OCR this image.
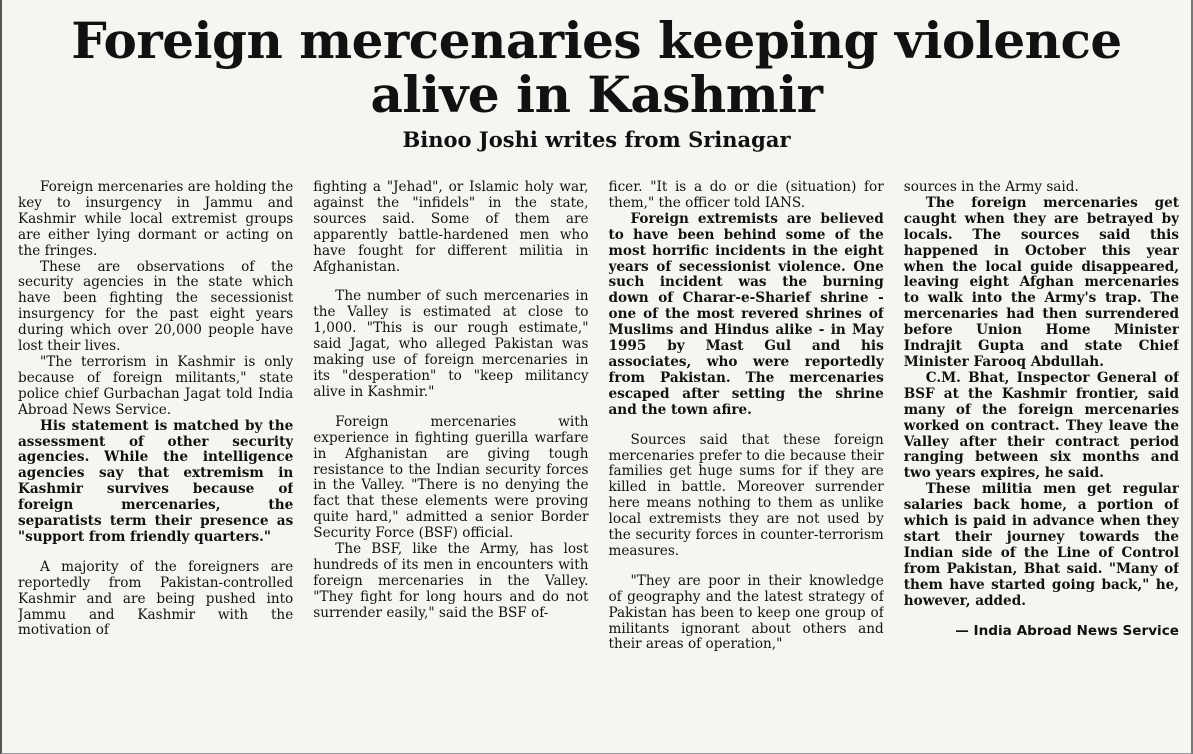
Foreign mercenaries keeping violence
alive in Kashmir
Binoo Joshi writes from Srinagar

Foreign mercenaries are holding the key to insurgency in Jammu and Kashmir while local extremist groups are either lying dormant or acting on the fringes.

These are observations of the security agencies in the state which have been fighting the secessionist insurgency for the past eight years during which over 20,000 people have lost their lives.

"The terrorism in Kashmir is only because of foreign militants," state police chief Gurbachan Jagat told India Abroad News Service.

His statement is matched by the assessment of other security agencies. While the intelligence agencies say that extremism in Kashmir survives because of foreign mercenaries, the separatists term their presence as "support from friendly quarters."

A majority of the foreigners are reportedly from Pakistan-controlled Kashmir and are being pushed into Jammu and Kashmir with the motivation of

fighting a "Jehad", or Islamic holy war, against the "infidels" in the state, sources said. Some of them are apparently battle-hardened men who have fought for different militia in Afghanistan.

The number of such mercenaries in the Valley is estimated at close to 1,000. "This is our rough estimate," said Jagat, who alleged Pakistan was making use of foreign mercenaries in its "desperation" to "keep militancy alive in Kashmir."

Foreign mercenaries with experience in fighting guerilla warfare in Afghanistan are giving tough resistance to the Indian security forces in the Valley. "There is no denying the fact that these elements were proving quite hard," admitted a senior Border Security Force (BSF) official.

The BSF, like the Army, has lost hundreds of its men in encounters with foreign mercenaries in the Valley. "They fight for long hours and do not surrender easily," said the BSF of-

ficer. "It is a do or die (situation) for them," the officer told IANS.

Foreign extremists are believed to have been behind some of the most horrific incidents in the eight years of secessionist violence. One such incident was the burning down of Charar-e-Sharief shrine - one of the most revered shrines of Muslims and Hindus alike - in May 1995 by Mast Gul and his associates, who were reportedly from Pakistan. The mercenaries escaped after setting the shrine and the town afire.

Sources said that these foreign mercenaries prefer to die because their families get huge sums for if they are killed in battle. Moreover surrender here means nothing to them as unlike local extremists they are not used by the security forces in counter-terrorism measures.

"They are poor in their knowledge of geography and the latest strategy of Pakistan has been to keep one group of militants ignorant about others and their areas of operation,"

sources in the Army said.

The foreign mercenaries get caught when they are betrayed by locals. The sources said this happened in October this year when the local guide disappeared, leaving eight Afghan mercenaries to walk into the Army's trap. The mercenaries had then surrendered before Union Home Minister Indrajit Gupta and state Chief Minister Farooq Abdullah.

C.M. Bhat, Inspector General of BSF at the Kashmir frontier, said many of the foreign mercenaries worked on contract. They leave the Valley after their contract period ranging between six months and two years expires, he said.

These militia men get regular salaries back home, a portion of which is paid in advance when they start their journey towards the Indian side of the Line of Control from Pakistan, Bhat said. "Many of them have started going back," he, however, added.

— India Abroad News Service
